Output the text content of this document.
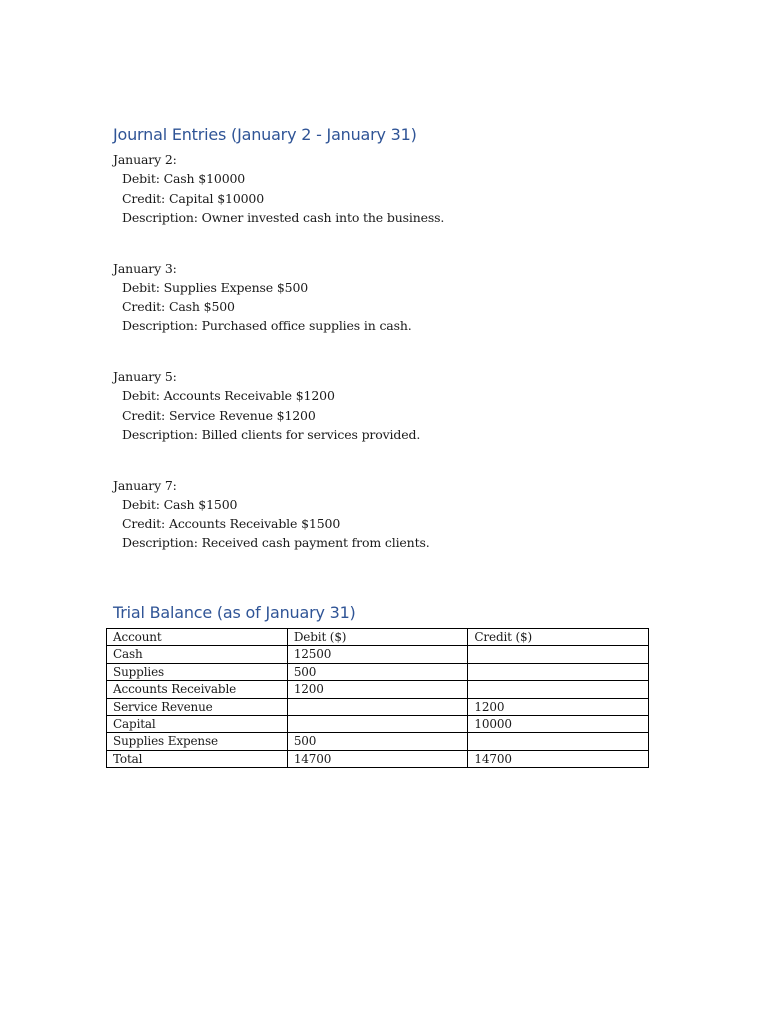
Journal Entries (January 2 - January 31)
January 2:
Debit: Cash $10000
Credit: Capital $10000
Description: Owner invested cash into the business.
January 3:
Debit: Supplies Expense $500
Credit: Cash $500
Description: Purchased office supplies in cash.
January 5:
Debit: Accounts Receivable $1200
Credit: Service Revenue $1200
Description: Billed clients for services provided.
January 7:
Debit: Cash $1500
Credit: Accounts Receivable $1500
Description: Received cash payment from clients.
Trial Balance (as of January 31)
Account	Debit ($)	Credit ($)
Cash	12500	
Supplies	500	
Accounts Receivable	1200	
Service Revenue		1200
Capital		10000
Supplies Expense	500	
Total	14700	14700
